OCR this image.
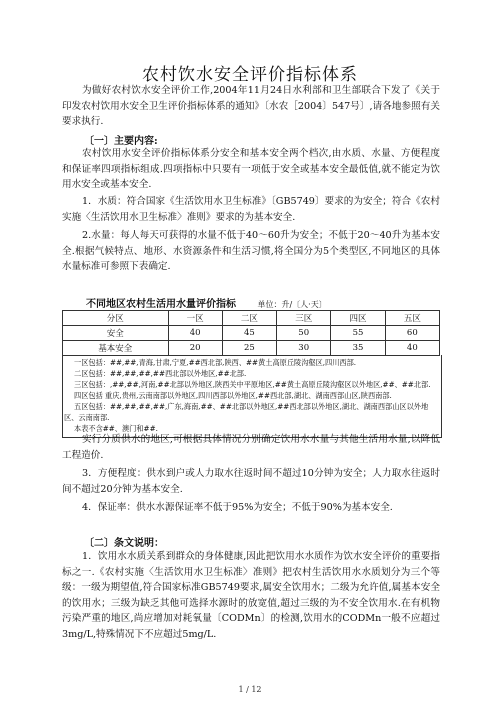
农村饮水安全评价指标体系

为做好农村饮水安全评价工作,2004年11月24日水利部和卫生部联合下发了《关于印发农村饮用水安全卫生评价指标体系的通知》〔水农［2004〕547号〕,请各地参照有关要求执行.

〔一〕主要内容:

农村饮用水安全评价指标体系分安全和基本安全两个档次,由水质、水量、方便程度和保证率四项指标组成.四项指标中只要有一项低于安全或基本安全最低值,就不能定为饮用水安全或基本安全.

1．水质：符合国家《生活饮用水卫生标准》〔GB5749〕要求的为安全；符合《农村实施〈生活饮用水卫生标准〉准则》要求的为基本安全.

2.水量：每人每天可获得的水量不低于40～60升为安全；不低于20～40升为基本安全.根据气候特点、地形、水资源条件和生活习惯,将全国分为5个类型区,不同地区的具体水量标准可参照下表确定.

不同地区农村生活用水量评价指标	单位：升/〔人·天〕
分区	一区	二区	三区	四区	五区
安全	40	45	50	55	60
基本安全	20	25	30	35	40
一区包括：##,##,青海,甘肃,宁夏,##西北部,陕西、##黄土高原丘陵沟壑区,四川西部.
二区包括：##,##,##,##西北部以外地区,##北部.
三区包括：,##,##,河南,##北部以外地区,陕西关中平原地区,##黄土高原丘陵沟壑区以外地区,##、##北部.
四区包括 重庆,贵州,云南南部以外地区,四川西部以外地区,##西北部,湖北、湖南西部山区,陕西南部.
五区包括：##,##,##,##,广东,海南,##、##北部以外地区,##西北部以外地区,湖北、湖南西部山区以外地区、云南南部.
本表不含##、澳门和##.

实行分质供水的地区,可根据具体情况分别确定饮用水水量与其他生活用水量,以降低工程造价.

3．方便程度：供水到户或人力取水往返时间不超过10分钟为安全；人力取水往返时间不超过20分钟为基本安全.

4．保证率：供水水源保证率不低于95%为安全；不低于90%为基本安全.

〔二〕条文说明：

1．饮用水水质关系到群众的身体健康,因此把饮用水水质作为饮水安全评价的重要指标之一.《农村实施〈生活饮用水卫生标准〉准则》把农村生活饮用水水质划分为三个等级：一级为期望值,符合国家标准GB5749要求,属安全饮用水；二级为允许值,属基本安全的饮用水；三级为缺乏其他可选择水源时的放宽值,超过三级的为不安全饮用水.在有机物污染严重的地区,尚应增加对耗氧量〔CODMn〕的检测,饮用水的CODMn一般不应超过3mg/L,特殊情况下不应超过5mg/L.

1 / 12
